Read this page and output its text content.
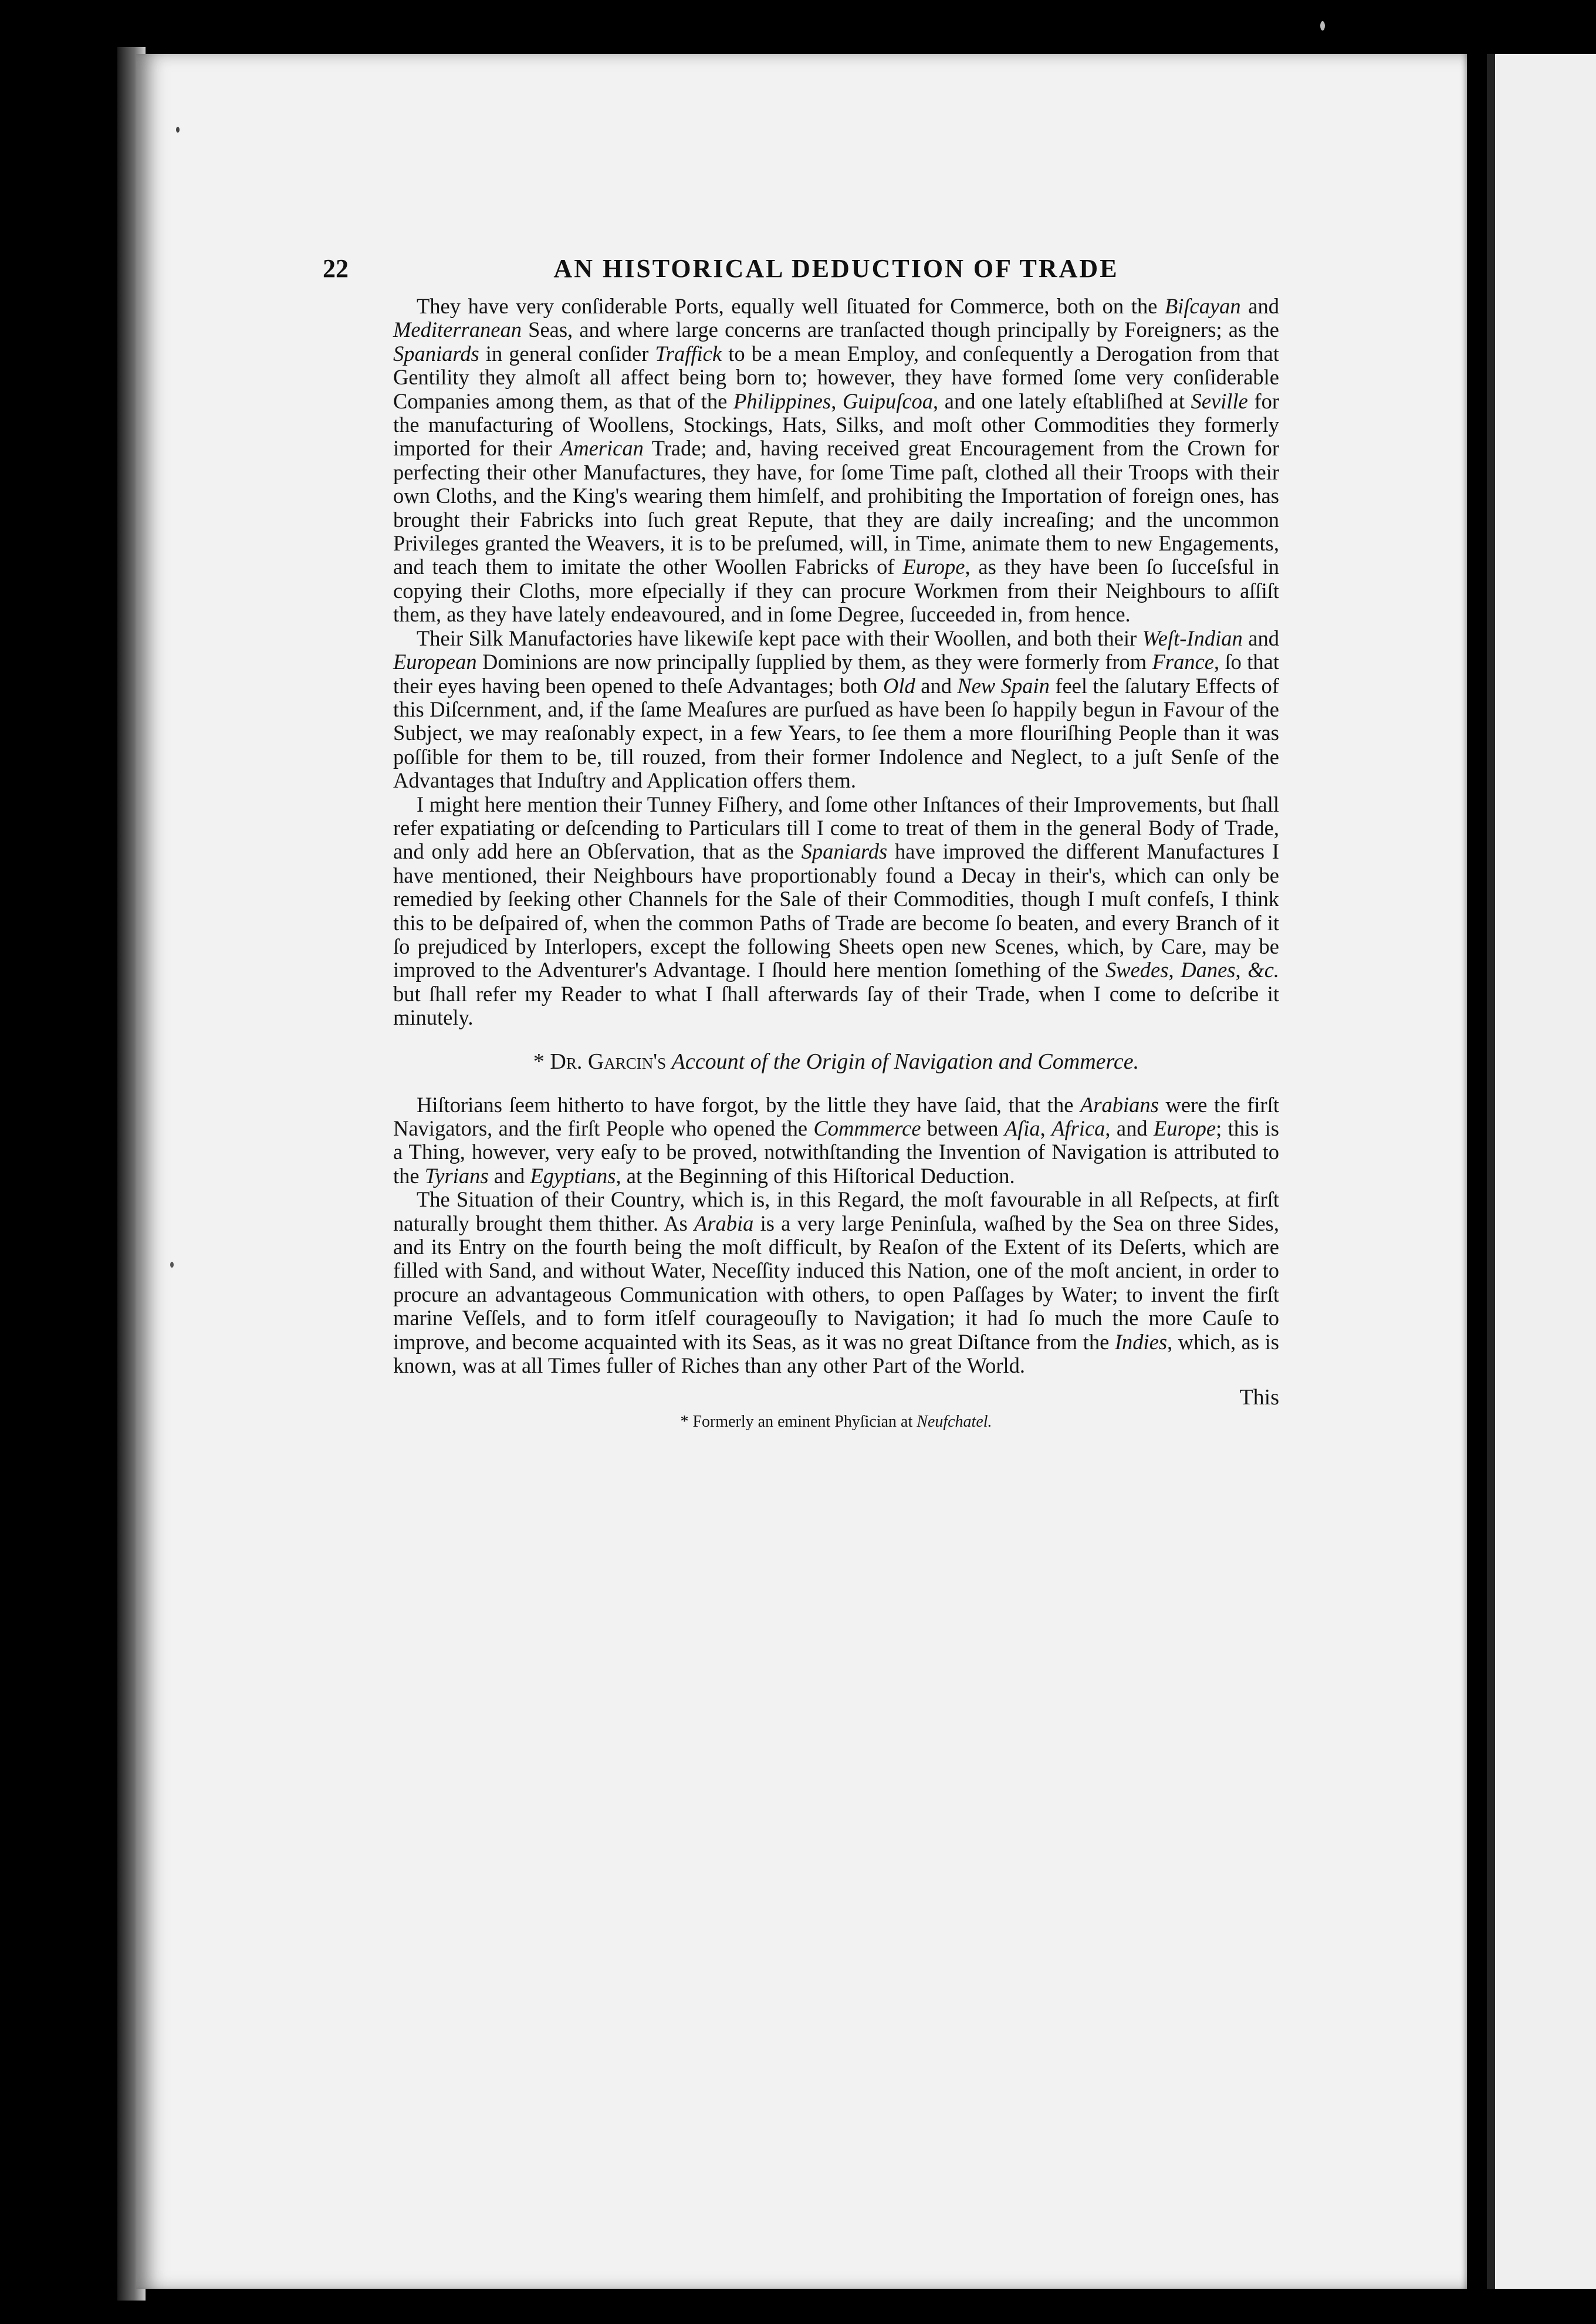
22	AN HISTORICAL DEDUCTION OF TRADE

They have very conſiderable Ports, equally well ſituated for Commerce, both on the Biſcayan and Mediterranean Seas, and where large concerns are tranſacted though principally by Foreigners; as the Spaniards in general conſider Traffick to be a mean Employ, and conſequently a Derogation from that Gentility they almoſt all affect being born to; however, they have formed ſome very conſiderable Companies among them, as that of the Philippines, Guipuſcoa, and one lately eſtabliſhed at Seville for the manufacturing of Woollens, Stockings, Hats, Silks, and moſt other Commodities they formerly imported for their American Trade; and, having received great Encouragement from the Crown for perfecting their other Manufactures, they have, for ſome Time paſt, clothed all their Troops with their own Cloths, and the King's wearing them himſelf, and prohibiting the Importation of foreign ones, has brought their Fabricks into ſuch great Repute, that they are daily increaſing; and the uncommon Privileges granted the Weavers, it is to be preſumed, will, in Time, animate them to new Engagements, and teach them to imitate the other Woollen Fabricks of Europe, as they have been ſo ſucceſsful in copying their Cloths, more eſpecially if they can procure Workmen from their Neighbours to aſſiſt them, as they have lately endeavoured, and in ſome Degree, ſucceeded in, from hence.

Their Silk Manufactories have likewiſe kept pace with their Woollen, and both their Weſt-Indian and European Dominions are now principally ſupplied by them, as they were formerly from France, ſo that their eyes having been opened to theſe Advantages; both Old and New Spain feel the ſalutary Effects of this Diſcernment, and, if the ſame Meaſures are purſued as have been ſo happily begun in Favour of the Subject, we may reaſonably expect, in a few Years, to ſee them a more flouriſhing People than it was poſſible for them to be, till rouzed, from their former Indolence and Neglect, to a juſt Senſe of the Advantages that Induſtry and Application offers them.

I might here mention their Tunney Fiſhery, and ſome other Inſtances of their Improvements, but ſhall refer expatiating or deſcending to Particulars till I come to treat of them in the general Body of Trade, and only add here an Obſervation, that as the Spaniards have improved the different Manufactures I have mentioned, their Neighbours have proportionably found a Decay in their's, which can only be remedied by ſeeking other Channels for the Sale of their Commodities, though I muſt confeſs, I think this to be deſpaired of, when the common Paths of Trade are become ſo beaten, and every Branch of it ſo prejudiced by Interlopers, except the following Sheets open new Scenes, which, by Care, may be improved to the Adventurer's Advantage. I ſhould here mention ſomething of the Swedes, Danes, &c. but ſhall refer my Reader to what I ſhall afterwards ſay of their Trade, when I come to deſcribe it minutely.

* Dr. Garcin's Account of the Origin of Navigation and Commerce.

Hiſtorians ſeem hitherto to have forgot, by the little they have ſaid, that the Arabians were the firſt Navigators, and the firſt People who opened the Commmerce between Aſia, Africa, and Europe; this is a Thing, however, very eaſy to be proved, notwithſtanding the Invention of Navigation is attributed to the Tyrians and Egyptians, at the Beginning of this Hiſtorical Deduction.

The Situation of their Country, which is, in this Regard, the moſt favourable in all Reſpects, at firſt naturally brought them thither. As Arabia is a very large Peninſula, waſhed by the Sea on three Sides, and its Entry on the fourth being the moſt difficult, by Reaſon of the Extent of its Deſerts, which are filled with Sand, and without Water, Neceſſity induced this Nation, one of the moſt ancient, in order to procure an advantageous Communication with others, to open Paſſages by Water; to invent the firſt marine Veſſels, and to form itſelf courageouſly to Navigation; it had ſo much the more Cauſe to improve, and become acquainted with its Seas, as it was no great Diſtance from the Indies, which, as is known, was at all Times fuller of Riches than any other Part of the World.

This
* Formerly an eminent Phyſician at Neufchatel.
